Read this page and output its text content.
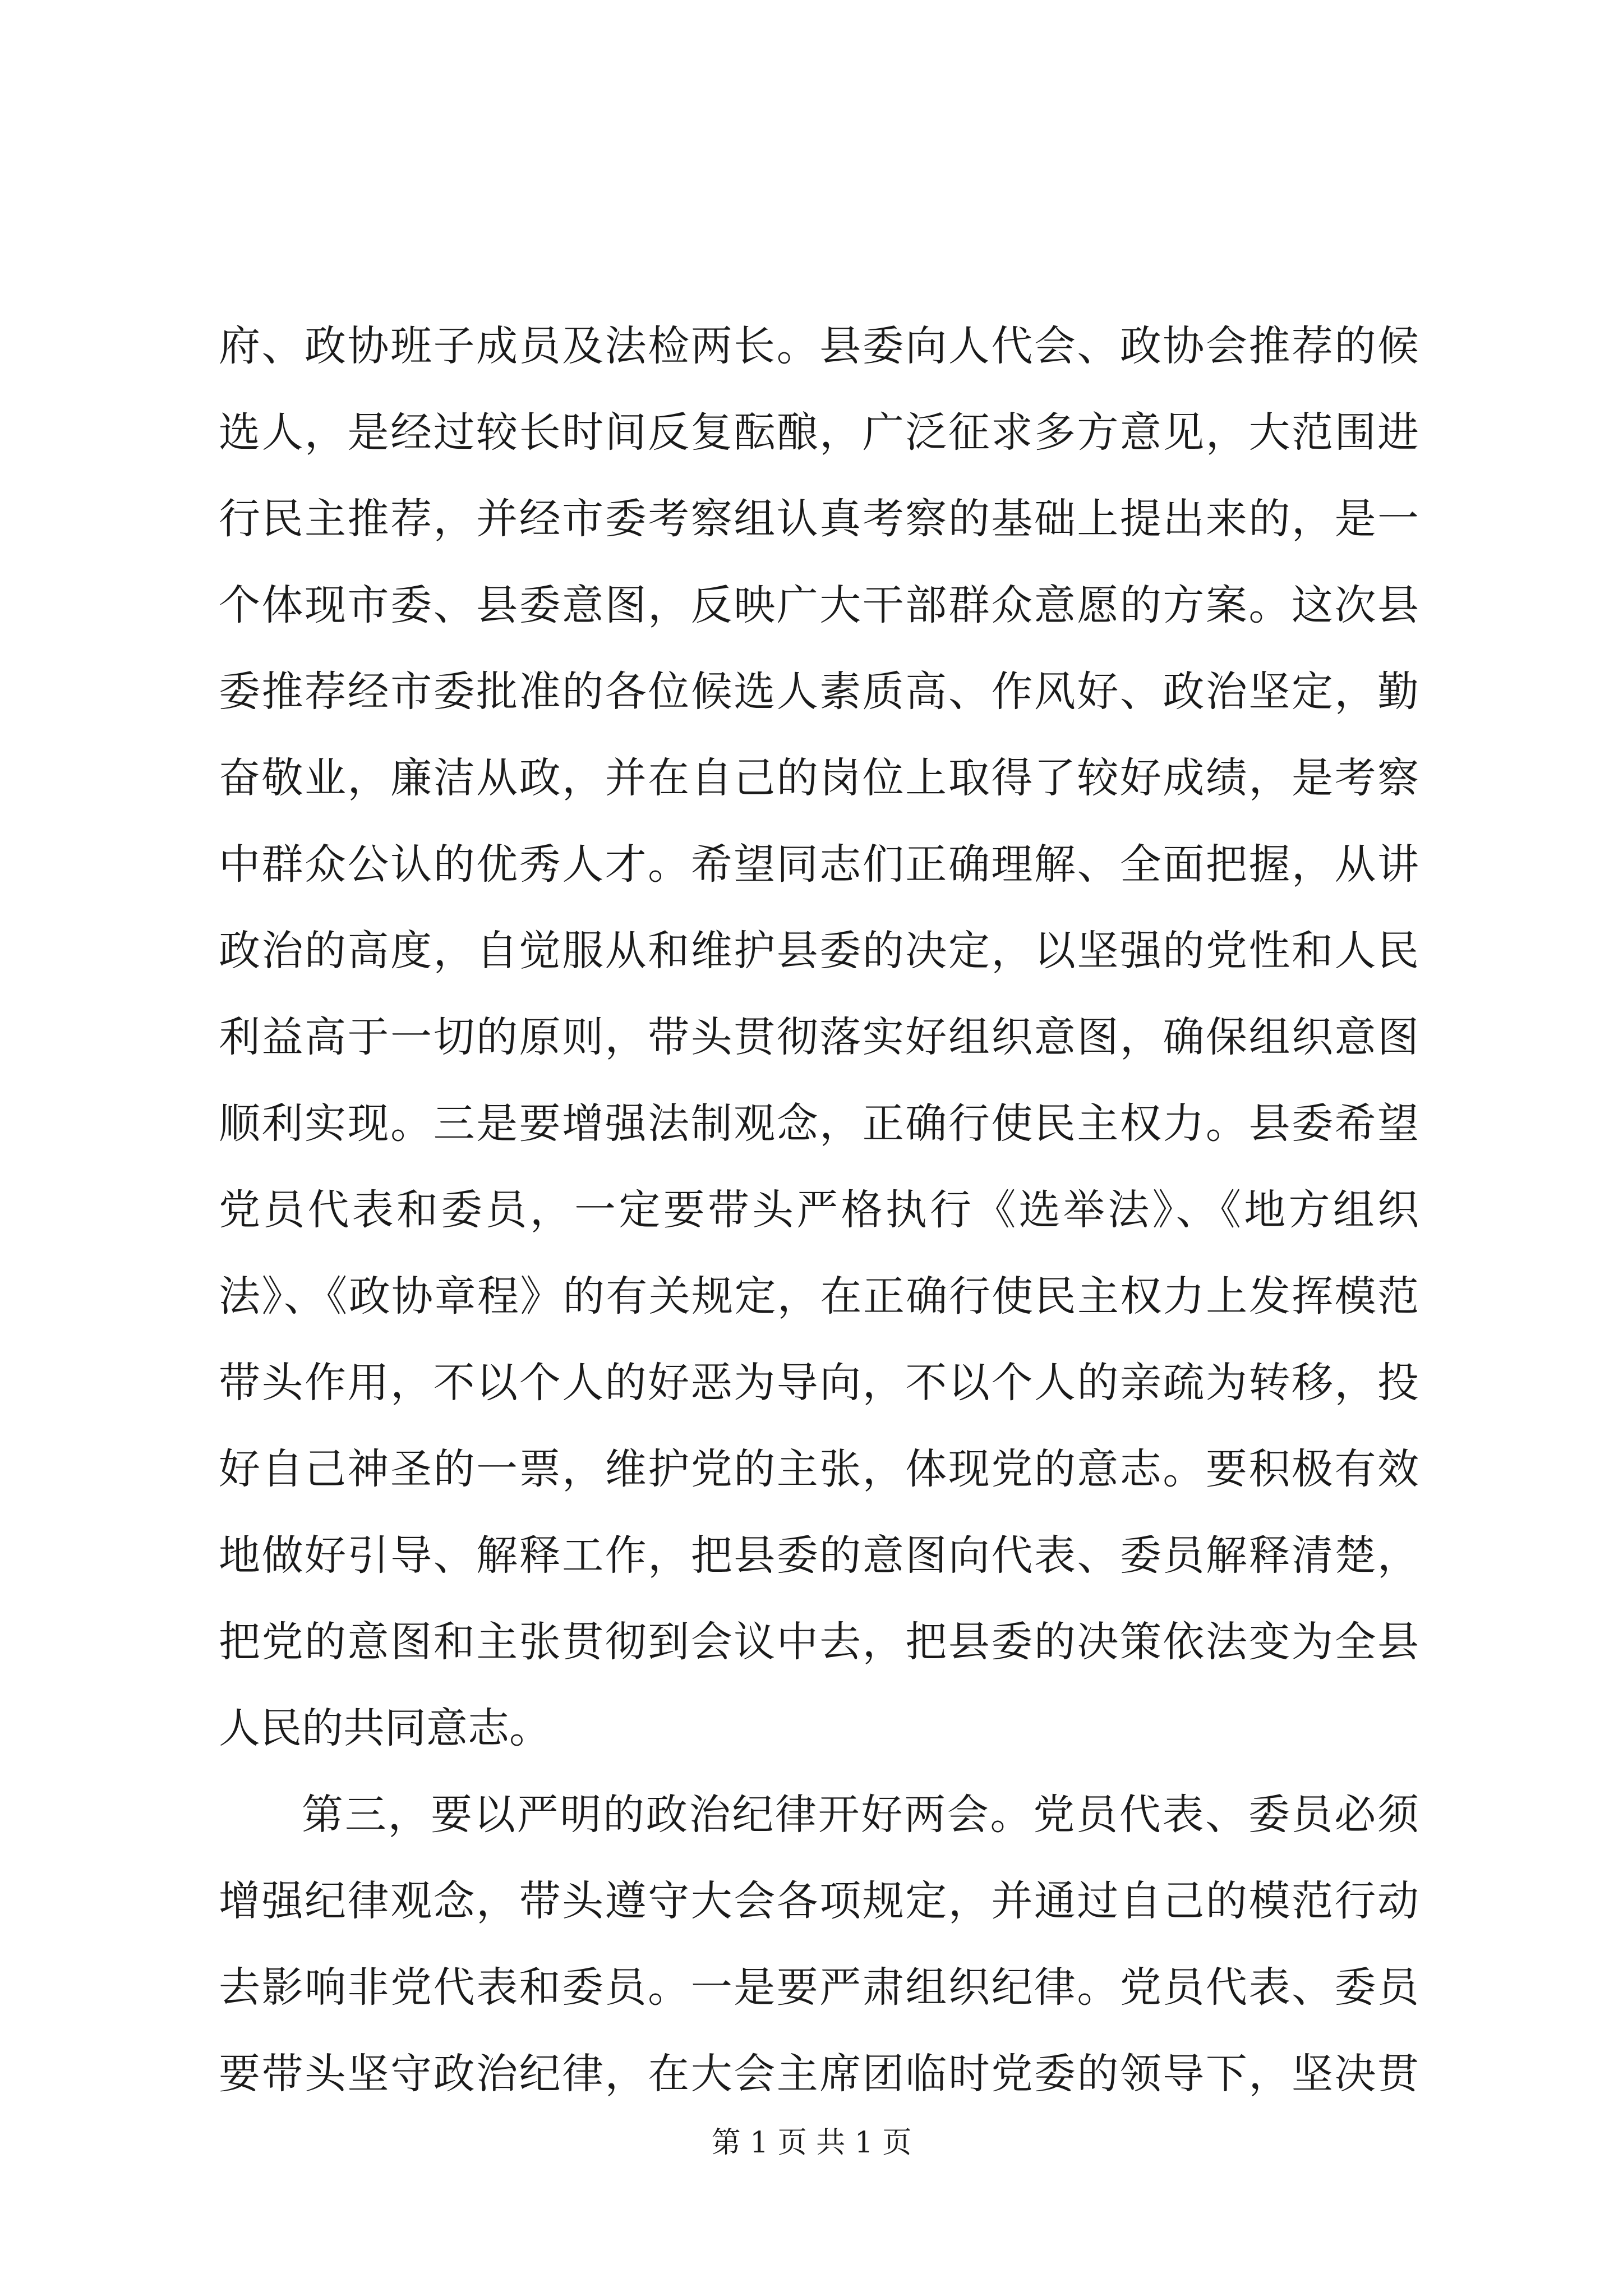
府、政协班子成员及法检两长。县委向人代会、政协会推荐的候
选人，是经过较长时间反复酝酿，广泛征求多方意见，大范围进
行民主推荐，并经市委考察组认真考察的基础上提出来的，是一
个体现市委、县委意图，反映广大干部群众意愿的方案。这次县
委推荐经市委批准的各位候选人素质高、作风好、政治坚定，勤
奋敬业，廉洁从政，并在自己的岗位上取得了较好成绩，是考察
中群众公认的优秀人才。希望同志们正确理解、全面把握，从讲
政治的高度，自觉服从和维护县委的决定，以坚强的党性和人民
利益高于一切的原则，带头贯彻落实好组织意图，确保组织意图
顺利实现。三是要增强法制观念，正确行使民主权力。县委希望
党员代表和委员，一定要带头严格执行《选举法》、《地方组织
法》、《政协章程》的有关规定，在正确行使民主权力上发挥模范
带头作用，不以个人的好恶为导向，不以个人的亲疏为转移，投
好自己神圣的一票，维护党的主张，体现党的意志。要积极有效
地做好引导、解释工作，把县委的意图向代表、委员解释清楚，
把党的意图和主张贯彻到会议中去，把县委的决策依法变为全县
人民的共同意志。
第三，要以严明的政治纪律开好两会。党员代表、委员必须
增强纪律观念，带头遵守大会各项规定，并通过自己的模范行动
去影响非党代表和委员。一是要严肃组织纪律。党员代表、委员
要带头坚守政治纪律，在大会主席团临时党委的领导下，坚决贯
第 1 页 共 1 页
